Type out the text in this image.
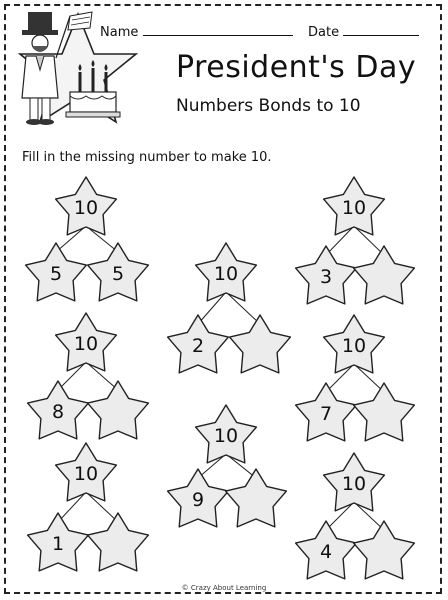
Name	Date
President's Day
Numbers Bonds to 10
Fill in the missing number to make 10.
10
5	5
10
3
10
2
10
8
10
7
10
9
10
1
10
4
© Crazy About Learning
